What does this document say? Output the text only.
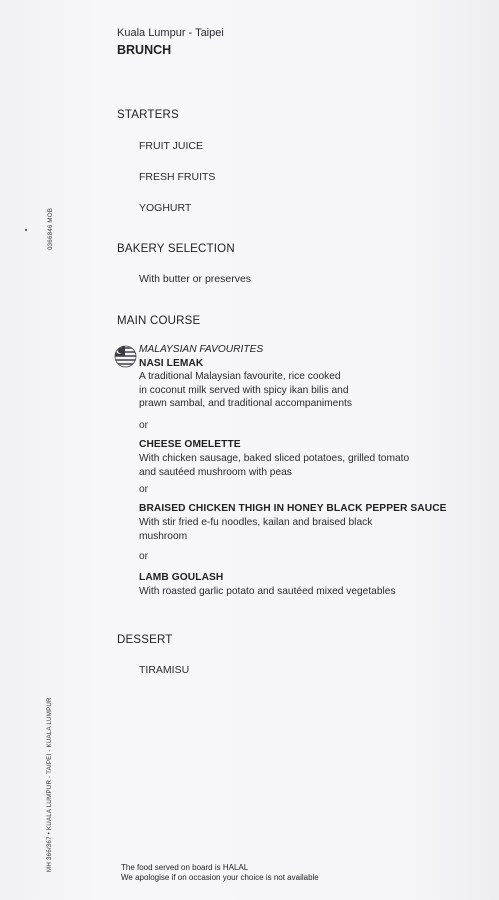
Kuala Lumpur - Taipei
BRUNCH
0366846 MOB
MH 366/367 • KUALA LUMPUR - TAIPEI - KUALA LUMPUR
STARTERS
FRUIT JUICE
FRESH FRUITS
YOGHURT
BAKERY SELECTION
With butter or preserves
MAIN COURSE
MALAYSIAN FAVOURITES
NASI LEMAK
A traditional Malaysian favourite, rice cooked
in coconut milk served with spicy ikan bilis and
prawn sambal, and traditional accompaniments
or
CHEESE OMELETTE
With chicken sausage, baked sliced potatoes, grilled tomato
and sautéed mushroom with peas
or
BRAISED CHICKEN THIGH IN HONEY BLACK PEPPER SAUCE
With stir fried e-fu noodles, kailan and braised black
mushroom
or
LAMB GOULASH
With roasted garlic potato and sautéed mixed vegetables
DESSERT
TIRAMISU
The food served on board is HALAL
We apologise if on occasion your choice is not available
